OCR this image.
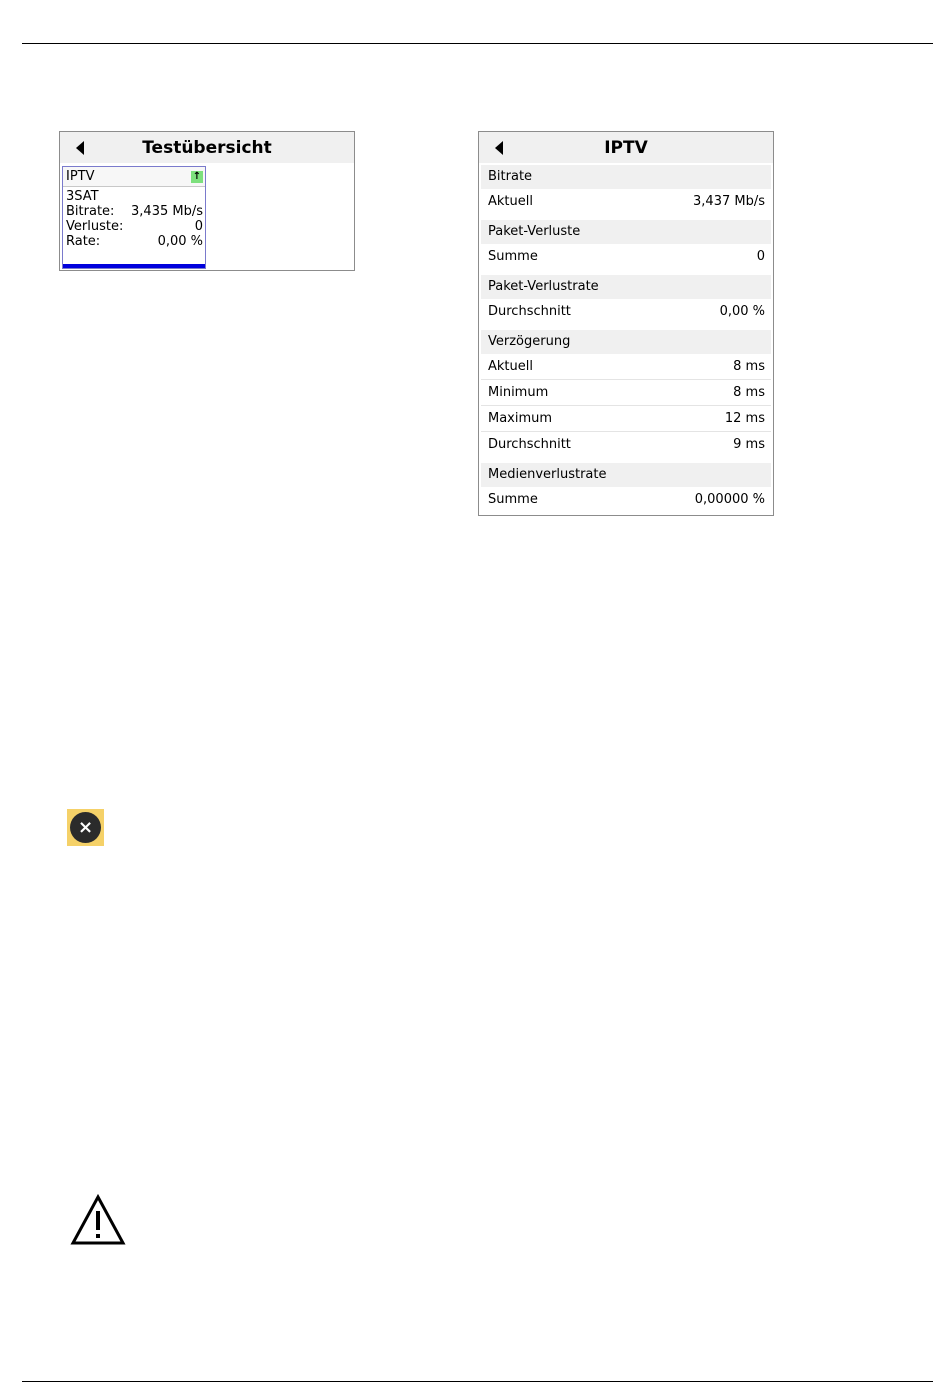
Testübersicht
IPTV	↑
3SAT
Bitrate: 3,435 Mb/s
Verluste:	0
Rate:	0,00 %
IPTV
Bitrate
Aktuell	3,437 Mb/s
Paket-Verluste
Summe	0
Paket-Verlustrate
Durchschnitt	0,00 %
Verzögerung
Aktuell	8 ms
Minimum	8 ms
Maximum	12 ms
Durchschnitt	9 ms
Medienverlustrate
Summe	0,00000 %
×
